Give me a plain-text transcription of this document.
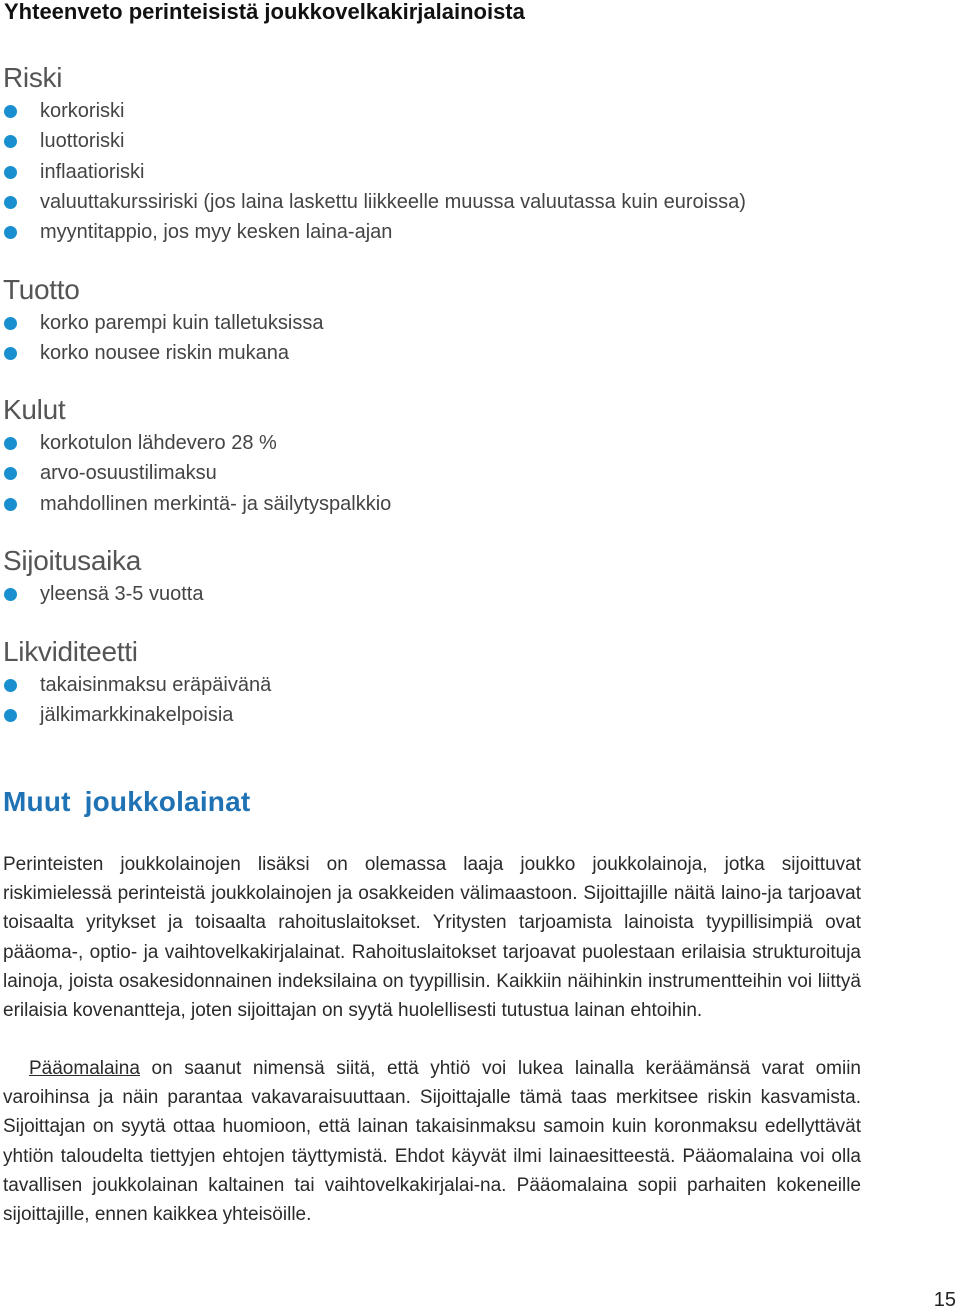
Yhteenveto perinteisistä joukkovelkakirjalainoista
Riski
korkoriski
luottoriski
inflaatioriski
valuuttakurssiriski (jos laina laskettu liikkeelle muussa valuutassa kuin euroissa)
myyntitappio, jos myy kesken laina-ajan
Tuotto
korko parempi kuin talletuksissa
korko nousee riskin mukana
Kulut
korkotulon lähdevero 28 %
arvo-osuustilimaksu
mahdollinen merkintä- ja säilytyspalkkio
Sijoitusaika
yleensä 3-5 vuotta
Likviditeetti
takaisinmaksu eräpäivänä
jälkimarkkinakelpoisia
Muut joukkolainat

Perinteisten joukkolainojen lisäksi on olemassa laaja joukko joukkolainoja, jotka sijoittuvat riskimielessä perinteistä joukkolainojen ja osakkeiden välimaastoon. Sijoittajille näitä laino-ja tarjoavat toisaalta yritykset ja toisaalta rahoituslaitokset. Yritysten tarjoamista lainoista tyypillisimpiä ovat pääoma-, optio- ja vaihtovelkakirjalainat. Rahoituslaitokset tarjoavat puolestaan erilaisia strukturoituja lainoja, joista osakesidonnainen indeksilaina on tyypillisin. Kaikkiin näihinkin instrumentteihin voi liittyä erilaisia kovenantteja, joten sijoittajan on syytä huolellisesti tutustua lainan ehtoihin.

Pääomalaina on saanut nimensä siitä, että yhtiö voi lukea lainalla keräämänsä varat omiin varoihinsa ja näin parantaa vakavaraisuuttaan. Sijoittajalle tämä taas merkitsee riskin kasvamista. Sijoittajan on syytä ottaa huomioon, että lainan takaisinmaksu samoin kuin koronmaksu edellyttävät yhtiön taloudelta tiettyjen ehtojen täyttymistä. Ehdot käyvät ilmi lainaesitteestä. Pääomalaina voi olla tavallisen joukkolainan kaltainen tai vaihtovelkakirjalai-na. Pääomalaina sopii parhaiten kokeneille sijoittajille, ennen kaikkea yhteisöille.

15
